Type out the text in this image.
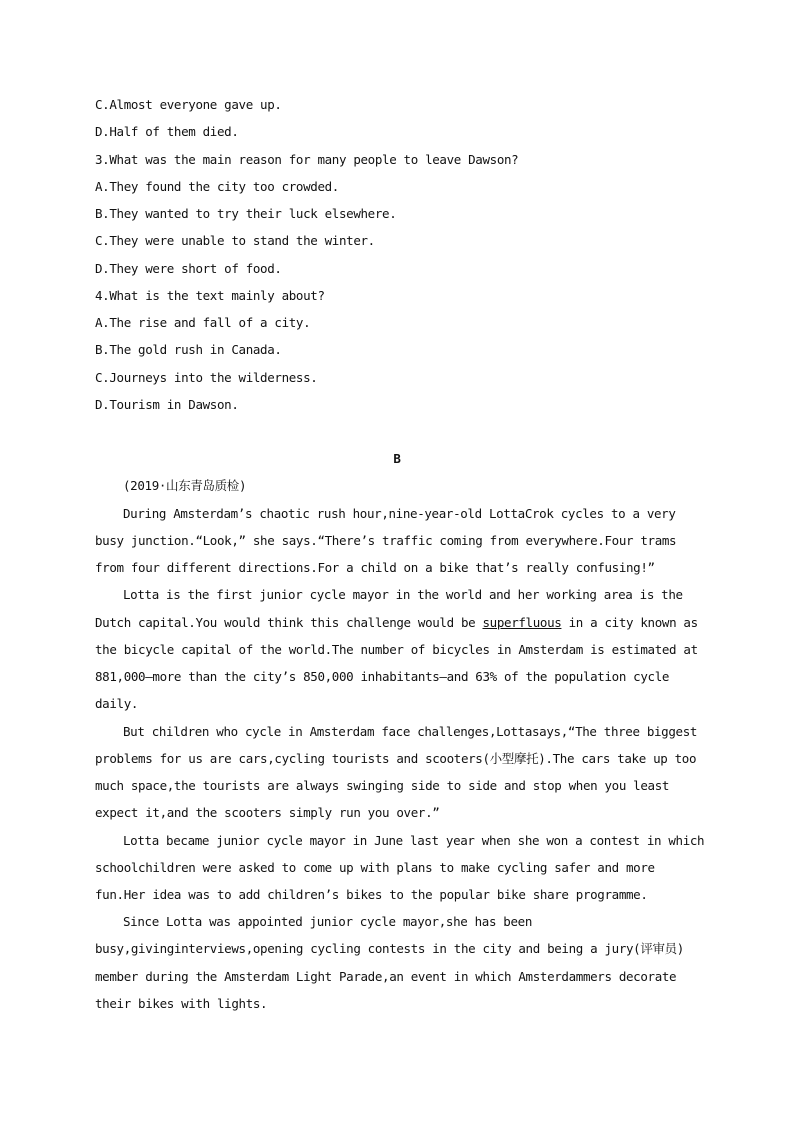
C.Almost everyone gave up.
D.Half of them died.
3.What was the main reason for many people to leave Dawson?
A.They found the city too crowded.
B.They wanted to try their luck elsewhere.
C.They were unable to stand the winter.
D.They were short of food.
4.What is the text mainly about?
A.The rise and fall of a city.
B.The gold rush in Canada.
C.Journeys into the wilderness.
D.Tourism in Dawson.
B
(2019·山东青岛质检)
During Amsterdam’s chaotic rush hour,nine-year-old LottaCrok cycles to a very
busy junction.“Look,” she says.“There’s traffic coming from everywhere.Four trams
from four different directions.For a child on a bike that’s really confusing!”
Lotta is the first junior cycle mayor in the world and her working area is the
Dutch capital.You would think this challenge would be superfluous in a city known as
the bicycle capital of the world.The number of bicycles in Amsterdam is estimated at
881,000—more than the city’s 850,000 inhabitants—and 63% of the population cycle
daily.
But children who cycle in Amsterdam face challenges,Lottasays,“The three biggest
problems for us are cars,cycling tourists and scooters(小型摩托).The cars take up too
much space,the tourists are always swinging side to side and stop when you least
expect it,and the scooters simply run you over.”
Lotta became junior cycle mayor in June last year when she won a contest in which
schoolchildren were asked to come up with plans to make cycling safer and more
fun.Her idea was to add children’s bikes to the popular bike share programme.
Since Lotta was appointed junior cycle mayor,she has been
busy,givinginterviews,opening cycling contests in the city and being a jury(评审员)
member during the Amsterdam Light Parade,an event in which Amsterdammers decorate
their bikes with lights.
